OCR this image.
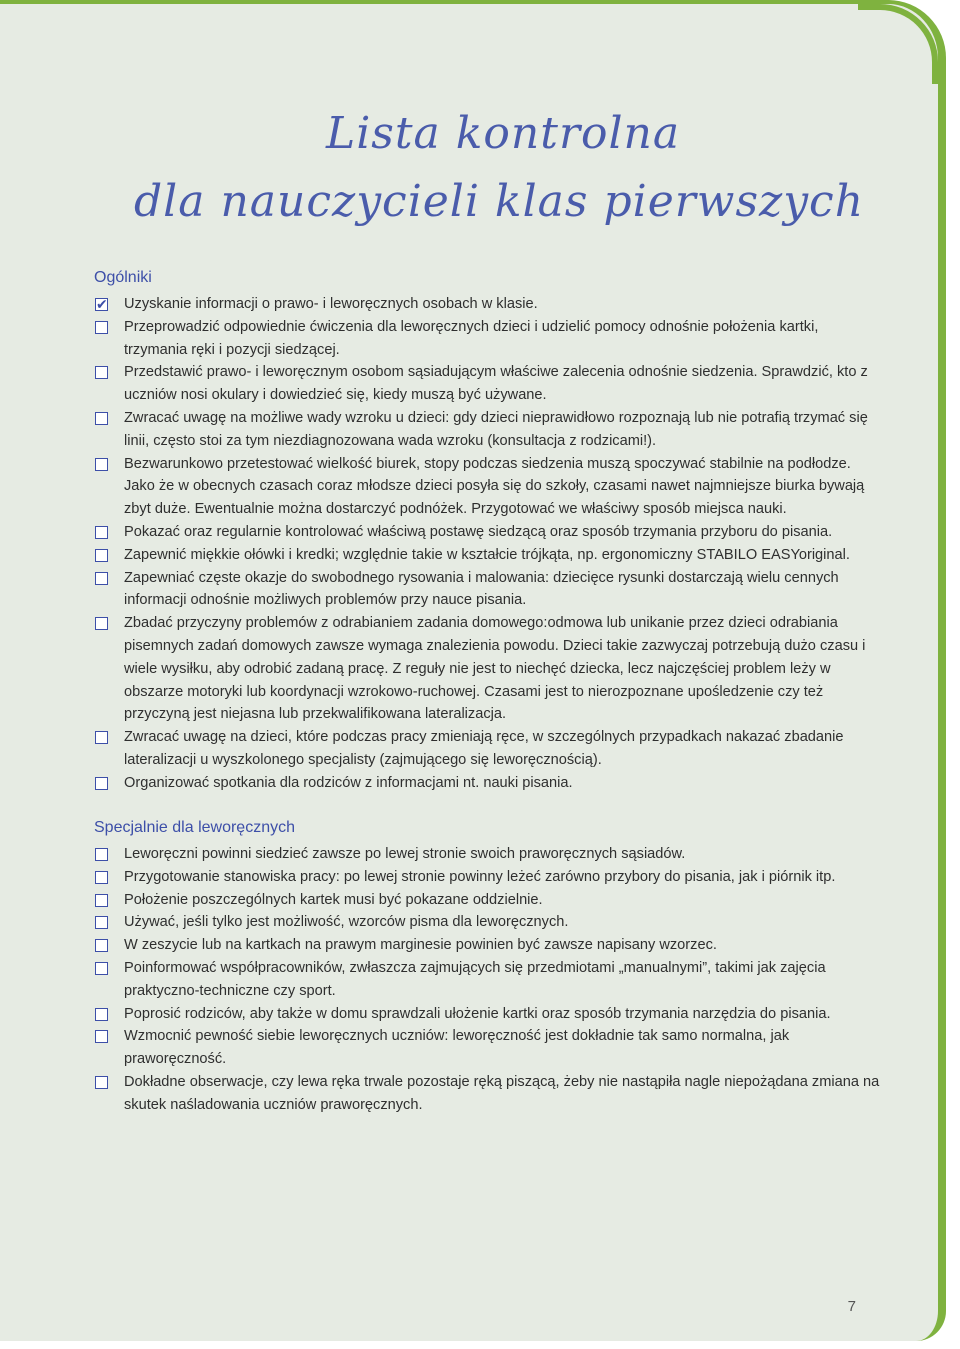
Lista kontrolna
dla nauczycieli klas pierwszych
Ogólniki
✔
Uzyskanie informacji o prawo- i leworęcznych osobach w klasie.
Przeprowadzić odpowiednie ćwiczenia dla leworęcznych dzieci i udzielić pomocy odnośnie położenia kartki, trzymania ręki i pozycji siedzącej.
Przedstawić prawo- i leworęcznym osobom sąsiadującym właściwe zalecenia odnośnie siedzenia. Sprawdzić, kto z uczniów nosi okulary i dowiedzieć się, kiedy muszą być używane.
Zwracać uwagę na możliwe wady wzroku u dzieci: gdy dzieci nieprawidłowo rozpoznają lub nie potrafią trzymać się linii, często stoi za tym niezdiagnozowana wada wzroku (konsultacja z rodzicami!).
Bezwarunkowo przetestować wielkość biurek, stopy podczas siedzenia muszą spoczywać stabilnie na podłodze. Jako że w obecnych czasach coraz młodsze dzieci posyła się do szkoły, czasami nawet najmniejsze biurka bywają zbyt duże. Ewentualnie można dostarczyć podnóżek. Przygotować we właściwy sposób miejsca nauki.
Pokazać oraz regularnie kontrolować właściwą postawę siedzącą oraz sposób trzymania przyboru do pisania.
Zapewnić miękkie ołówki i kredki; względnie takie w kształcie trójkąta, np. ergonomiczny STABILO EASYoriginal.
Zapewniać częste okazje do swobodnego rysowania i malowania: dziecięce rysunki dostarczają wielu cennych informacji odnośnie możliwych problemów przy nauce pisania.
Zbadać przyczyny problemów z odrabianiem zadania domowego:odmowa lub unikanie przez dzieci odrabiania pisemnych zadań domowych zawsze wymaga znalezienia powodu. Dzieci takie zazwyczaj potrzebują dużo czasu i wiele wysiłku, aby odrobić zadaną pracę. Z reguły nie jest to niechęć dziecka, lecz najczęściej problem leży w obszarze motoryki lub koordynacji wzrokowo-ruchowej. Czasami jest to nierozpoznane upośledzenie czy też przyczyną jest niejasna lub przekwalifikowana lateralizacja.
Zwracać uwagę na dzieci, które podczas pracy zmieniają ręce, w szczególnych przypadkach nakazać zbadanie lateralizacji u wyszkolonego specjalisty (zajmującego się leworęcznością).
Organizować spotkania dla rodziców z informacjami nt. nauki pisania.
Specjalnie dla leworęcznych
Leworęczni powinni siedzieć zawsze po lewej stronie swoich praworęcznych sąsiadów.
Przygotowanie stanowiska pracy: po lewej stronie powinny leżeć zarówno przybory do pisania, jak i piórnik itp.
Położenie poszczególnych kartek musi być pokazane oddzielnie.
Używać, jeśli tylko jest możliwość, wzorców pisma dla leworęcznych.
W zeszycie lub na kartkach na prawym marginesie powinien być zawsze napisany wzorzec.
Poinformować współpracowników, zwłaszcza zajmujących się przedmiotami „manualnymi”, takimi jak zajęcia praktyczno-techniczne czy sport.
Poprosić rodziców, aby także w domu sprawdzali ułożenie kartki oraz sposób trzymania narzędzia do pisania.
Wzmocnić pewność siebie leworęcznych uczniów: leworęczność jest dokładnie tak samo normalna, jak praworęczność.
Dokładne obserwacje, czy lewa ręka trwale pozostaje ręką piszącą, żeby nie nastąpiła nagle niepożądana zmiana na skutek naśladowania uczniów praworęcznych.
7
